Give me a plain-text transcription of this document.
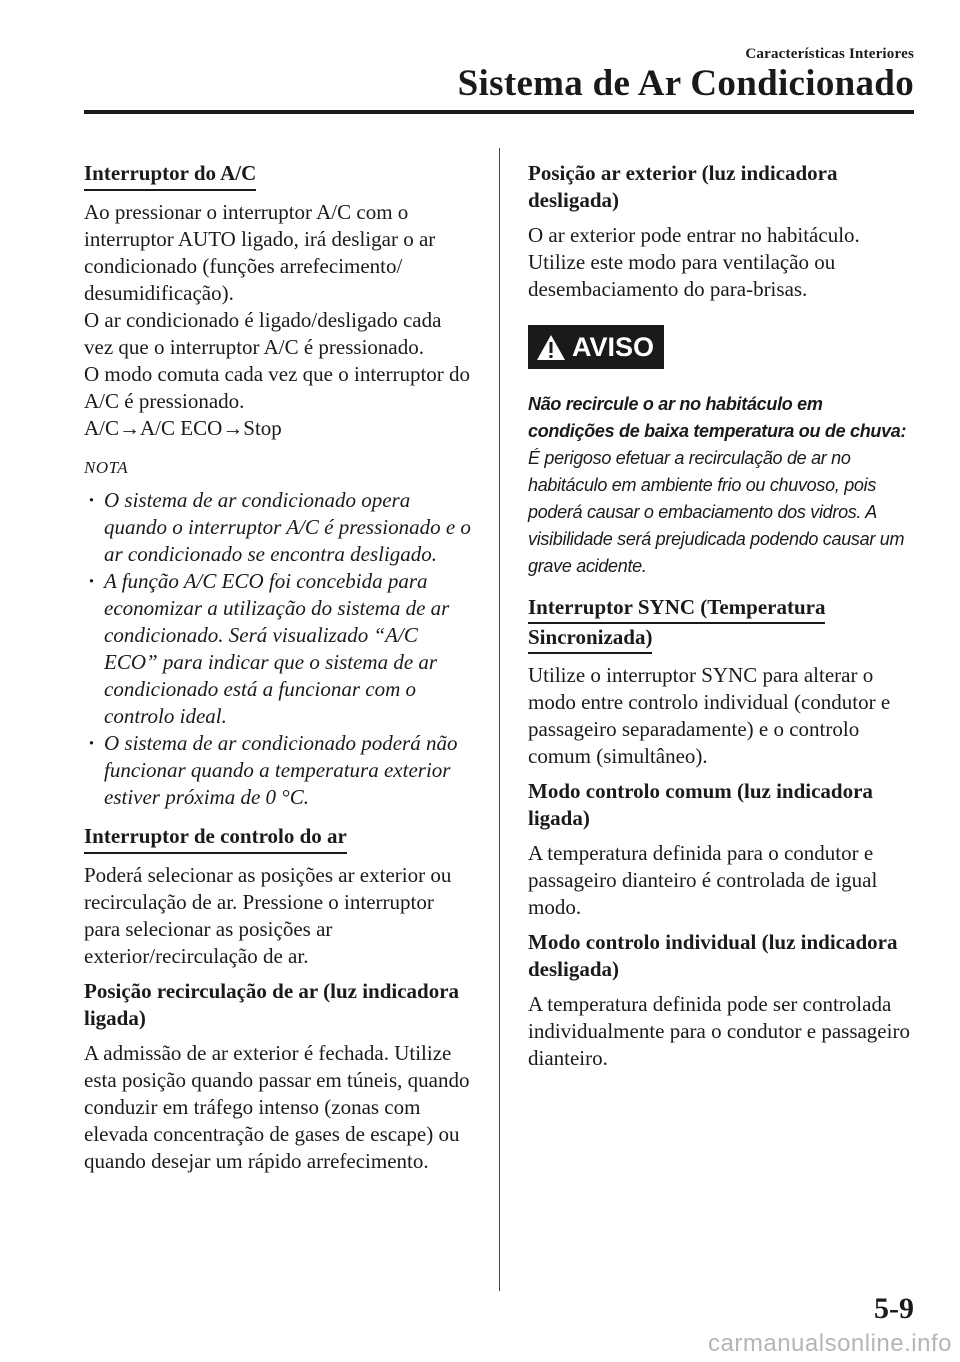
Características Interiores
Sistema de Ar Condicionado
Interruptor do A/C

Ao pressionar o interruptor A/C com o interruptor AUTO ligado, irá desligar o ar condicionado (funções arrefecimento/ desumidificação).

O ar condicionado é ligado/desligado cada vez que o interruptor A/C é pressionado.

O modo comuta cada vez que o interruptor do A/C é pressionado.

A/C→A/C ECO→Stop

NOTA
· O sistema de ar condicionado opera quando o interruptor A/C é pressionado e o ar condicionado se encontra desligado.
· A função A/C ECO foi concebida para economizar a utilização do sistema de ar condicionado. Será visualizado “A/C ECO” para indicar que o sistema de ar condicionado está a funcionar com o controlo ideal.
· O sistema de ar condicionado poderá não funcionar quando a temperatura exterior estiver próxima de 0 °C.
Interruptor de controlo do ar

Poderá selecionar as posições ar exterior ou recirculação de ar. Pressione o interruptor para selecionar as posições ar exterior/recirculação de ar.

Posição recirculação de ar (luz indicadora ligada)

A admissão de ar exterior é fechada. Utilize esta posição quando passar em túneis, quando conduzir em tráfego intenso (zonas com elevada concentração de gases de escape) ou quando desejar um rápido arrefecimento.

Posição ar exterior (luz indicadora desligada)

O ar exterior pode entrar no habitáculo. Utilize este modo para ventilação ou desembaciamento do para-brisas.

AVISO
Não recircule o ar no habitáculo em condições de baixa temperatura ou de chuva:
É perigoso efetuar a recirculação de ar no habitáculo em ambiente frio ou chuvoso, pois poderá causar o embaciamento dos vidros. A visibilidade será prejudicada podendo causar um grave acidente.
Interruptor SYNC (Temperatura
Sincronizada)

Utilize o interruptor SYNC para alterar o modo entre controlo individual (condutor e passageiro separadamente) e o controlo comum (simultâneo).

Modo controlo comum (luz indicadora ligada)

A temperatura definida para o condutor e passageiro dianteiro é controlada de igual modo.

Modo controlo individual (luz indicadora desligada)

A temperatura definida pode ser controlada individualmente para o condutor e passageiro dianteiro.

5-9
carmanualsonline.info
